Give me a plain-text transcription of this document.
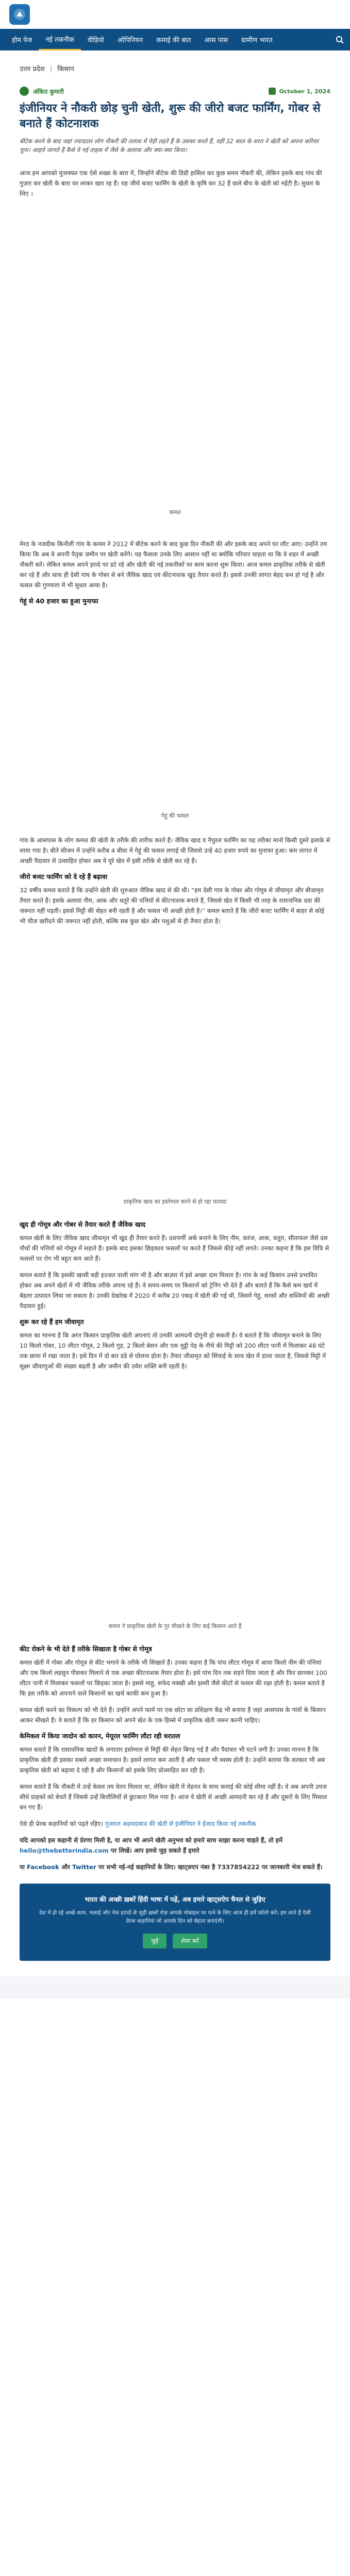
होम पेज	नई तकनीक	वीडियो	ऑपिनियन	कमाई की बात	आस पास	ग्रामीण भारत
उत्तर प्रदेश | किसान
अंकित कुमारी	October 1, 2024
इंजीनियर ने नौकरी छोड़ चुनी खेती, शुरू की जीरो बजट फार्मिंग, गोबर से बनाते हैं कोटनाशक

बीटेक करने के बाद जहां ज्यादातर लोग नौकरी की तलाश में पेड़ी तहते हैं के उसका करते हैं, वहीं 32 साल के शरत ने खेती को अपना करियर चुना। आइये जानते हैं कैसे वे नई ताइक में जैसे के अलावा और क्या-क्या किया।

आज हम आपको मुजफ्फर एक ऐसे शख्स के बारा में, जिन्होंने बीटेक की डिग्री हासिल कर कुछ समय नौकरी की, लेकिन इसके बाद गांव की गुज़ार कर खेती के बारा घर लाकर खरा रह हैं। यह जीरो बजट फार्मिंग के खेती के कृषि कर 32 हैं वाले बीच के खेती को नईटी है। सुधार के लिए ।

कमल

मेरठ के नजदीक किनौली गांव के कमल ने 2012 में बीटेक करने के बाद कुछ दिन नौकरी की और इसके बाद अपने घर लौट आए। उन्होंने तय किया कि अब वे अपनी पैतृक ज़मीन पर खेती करेंगे। यह फैसला उनके लिए आसान नहीं था क्योंकि परिवार चाहता था कि वे शहर में अच्छी नौकरी करें। लेकिन कमल अपने इरादे पर डटे रहे और खेती की नई तकनीकों पर काम करना शुरू किया। आज कमल प्राकृतिक तरीके से खेती कर रहे हैं और साथ ही देसी गाय के गोबर से बने जैविक खाद एवं कीटनाशक खुद तैयार करते हैं। इससे उनकी लागत बेहद कम हो गई है और फसल की गुणवत्ता में भी सुधार आया है।

गेहूं से 40 हजार का हुआ मुनाफा
गेहूं की फसल

गांव के आसपास के लोग कमल की खेती के तरीके की तारीफ करते हैं। जैविक खाद व नैचुरल फार्मिंग का यह तरीका मानो किसी दूसरे इलाके से लाया गया है। बीते सीजन में उन्होंने करीब 4 बीघा में गेहूं की फसल लगाई थी जिससे उन्हें 40 हजार रुपये का मुनाफा हुआ। कम लागत में अच्छी पैदावार से उत्साहित होकर अब वे पूरे खेत में इसी तरीके से खेती कर रहे हैं।

जीरो बजट फार्मिंग को दे रहे हैं बढ़ावा

32 वर्षीय कमल बताते हैं कि उन्होंने खेती की शुरुआत जैविक खाद से की थी। “हम देसी गाय के गोबर और गोमूत्र से जीवामृत और बीजामृत तैयार करते हैं। इसके अलावा नीम, आक और धतूरे की पत्तियों से कीटनाशक बनाते हैं, जिससे खेत में किसी भी तरह के रासायनिक दवा की जरूरत नहीं पड़ती। इससे मिट्टी की सेहत बनी रहती है और फसल भी अच्छी होती है।” कमल बताते हैं कि जीरो बजट फार्मिंग में बाहर से कोई भी चीज़ खरीदने की जरूरत नहीं होती, बल्कि सब कुछ खेत और पशुओं से ही तैयार होता है।

प्राकृतिक खाद का इस्तेमाल करने से हो रहा फायदा
खुद ही गोमूत्र और गोबर से तैयार करते हैं जैविक खाद

कमल खेती के लिए जैविक खाद जीवामृत भी खुद ही तैयार करते हैं। दशपर्णी अर्क बनाने के लिए नीम, करंज, आक, धतूरा, सीताफल जैसे दस पौधों की पत्तियों को गोमूत्र में सड़ाते हैं। इसके बाद इसका छिड़काव फसलों पर करते हैं जिससे कीड़े नहीं लगते। उनका कहना है कि इस विधि से फसलों पर रोग भी बहुत कम आते हैं।

कमल बताते हैं कि इसकी खासी बड़ी इज़्ज़त वाली मांग भी है और बाज़ार में इसे अच्छा दाम मिलता है। गांव के कई किसान उनसे प्रभावित होकर अब अपने खेतों में भी जैविक तरीके अपना रहे हैं। वे समय-समय पर किसानों को ट्रेनिंग भी देते हैं और बताते हैं कि कैसे कम खर्च में बेहतर उत्पादन लिया जा सकता है। उनकी देखरेख में 2020 में करीब 20 एकड़ में खेती की गई थी, जिसमें गेहूं, सरसों और सब्जियों की अच्छी पैदावार हुई।

शुरू कर रहे हैं हम जीवामृत

कमल का मानना है कि अगर किसान प्राकृतिक खेती अपनाएं तो उनकी आमदनी दोगुनी हो सकती है। वे बताते हैं कि जीवामृत बनाने के लिए 10 किलो गोबर, 10 लीटर गोमूत्र, 2 किलो गुड़, 2 किलो बेसन और एक मुट्ठी पेड़ के नीचे की मिट्टी को 200 लीटर पानी में मिलाकर 48 घंटे तक छाया में रखा जाता है। इसे दिन में दो बार डंडे से घोलना होता है। तैयार जीवामृत को सिंचाई के साथ खेत में डाला जाता है, जिससे मिट्टी में सूक्ष्म जीवाणुओं की संख्या बढ़ती है और जमीन की उर्वरा शक्ति बनी रहती है।

कमल ने प्राकृतिक खेती के गुर सीखने के लिए कई किसान आते हैं
कीट रोकने के भी देते हैं तरीके सिखाता है गोबर से गोमूत्र

कमल खेती में गोबर और गोमूत्र से कीट भगाने के तरीके भी सिखाते हैं। उनका कहना है कि पांच लीटर गोमूत्र में आधा किलो नीम की पत्तियां और एक किलो लहसुन पीसकर मिलाने से एक अच्छा कीटनाशक तैयार होता है। इसे पांच दिन तक सड़ने दिया जाता है और फिर छानकर 100 लीटर पानी में मिलाकर फसलों पर छिड़का जाता है। इससे माहू, सफेद मक्खी और इल्ली जैसे कीटों से फसल की रक्षा होती है। कमल बताते हैं कि इस तरीके को अपनाने वाले किसानों का खर्च काफी कम हुआ है।

कमल खेती करने का विकल्प को भी देते हैं। उन्होंने अपने फार्म पर एक छोटा सा प्रशिक्षण केंद्र भी बनाया है जहां आसपास के गांवों के किसान आकर सीखते हैं। वे बताते हैं कि हर किसान को अपने खेत के एक हिस्से में प्राकृतिक खेती जरूर करनी चाहिए।

केमिकल में किया जादोन को कारन, मेयूरल फार्मिंग लौटा रही धरातल

कमल बताते हैं कि रासायनिक खादों के लगातार इस्तेमाल से मिट्टी की सेहत बिगड़ गई है और पैदावार भी घटने लगी है। उनका मानना है कि प्राकृतिक खेती ही इसका सबसे अच्छा समाधान है। इसमें लागत कम आती है और फसल भी स्वस्थ होती है। उन्होंने बताया कि सरकार भी अब प्राकृतिक खेती को बढ़ावा दे रही है और किसानों को इसके लिए प्रोत्साहित कर रही है।

कमल बताते हैं कि नौकरी में उन्हें केवल तय वेतन मिलता था, लेकिन खेती में मेहनत के साथ कमाई की कोई सीमा नहीं है। वे अब अपनी उपज सीधे ग्राहकों को बेचते हैं जिससे उन्हें बिचौलियों से छुटकारा मिल गया है। आज वे खेती से अच्छी आमदनी कर रहे हैं और दूसरों के लिए मिसाल बन गए हैं।

ऐसे ही प्रेरक कहानियों को पढ़ते रहिए। गुजरात अहमदाबाद की खेती से इंजीनियर ने ईजाद किया नई तकनीक

यदि आपको इस कहानी से प्रेरणा मिली है, या आप भी अपने खेती अनुभव को हमारे साथ साझा करना चाहते हैं, तो हमें hello@thebetterindia.com पर लिखें। आप हमसे जुड़ सकते हैं हमारे

या Facebook और Twitter पर सभी नई-नई कहानियों के लिए। व्हाट्सएप नंबर है 7337854222 पर जानकारी भेज सकते हैं।

भारत की अच्छी ख़बरें हिंदी भाषा में पढ़ें, अब हमारे व्हाट्सऐप चैनल से जुड़िए
देश में हो रहे अच्छे काम, भलाई और नेक इरादों से जुड़ी ख़बरें रोज़ आपके मोबाइल पर पाने के लिए आज ही हमें फॉलो करें। हम लाते हैं ऐसी प्रेरक कहानियां जो आपके दिन को बेहतर बनाएंगी।
जुड़ें	शेयर करें
